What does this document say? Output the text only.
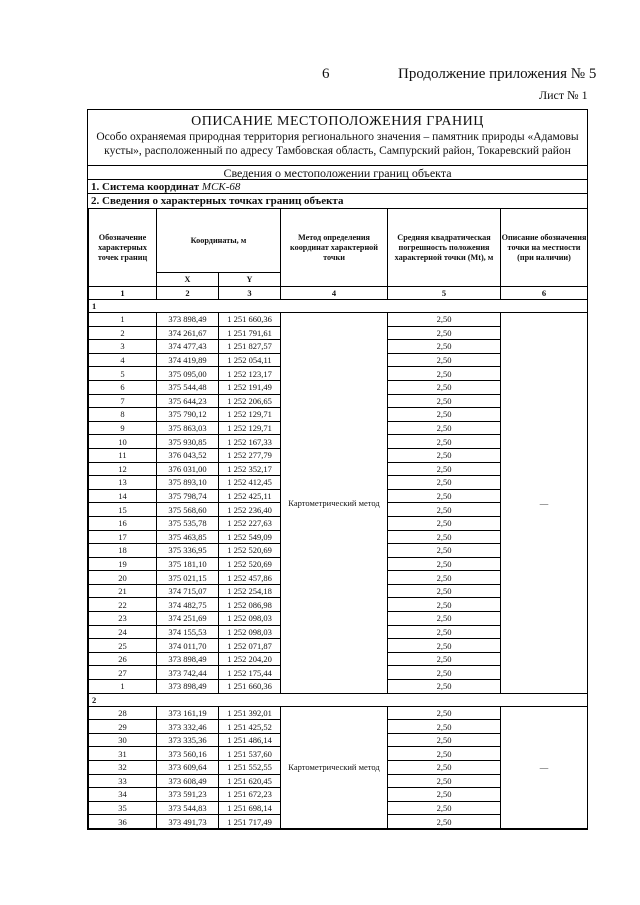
6	Продолжение приложения № 5
Лист № 1
ОПИСАНИЕ МЕСТОПОЛОЖЕНИЯ ГРАНИЦ
Особо охраняемая природная территория регионального значения – памятник природы «Адамовы кусты», расположенный по адресу Тамбовская область, Сампурский район, Токаревский район
Сведения о местоположении границ объекта
1. Система координат МСК-68
2. Сведения о характерных точках границ объекта
Обозначение характерных точек границ	Координаты, м		Метод определения координат характерной точки	Средняя квадратическая погрешность положения характерной точки (Mt), м	Описание обозначения точки на местности (при наличии)
	X	Y			
1	2	3	4	5	6
1					
1	373 898,49	1 251 660,36	Картометрический метод	2,50	—
2	374 261,67	1 251 791,61		2,50	
3	374 477,43	1 251 827,57		2,50	
4	374 419,89	1 252 054,11		2,50	
5	375 095,00	1 252 123,17		2,50	
6	375 544,48	1 252 191,49		2,50	
7	375 644,23	1 252 206,65		2,50	
8	375 790,12	1 252 129,71		2,50	
9	375 863,03	1 252 129,71		2,50	
10	375 930,85	1 252 167,33		2,50	
11	376 043,52	1 252 277,79		2,50	
12	376 031,00	1 252 352,17		2,50	
13	375 893,10	1 252 412,45		2,50	
14	375 798,74	1 252 425,11		2,50	
15	375 568,60	1 252 236,40		2,50	
16	375 535,78	1 252 227,63		2,50	
17	375 463,85	1 252 549,09		2,50	
18	375 336,95	1 252 520,69		2,50	
19	375 181,10	1 252 520,69		2,50	
20	375 021,15	1 252 457,86		2,50	
21	374 715,07	1 252 254,18		2,50	
22	374 482,75	1 252 086,98		2,50	
23	374 251,69	1 252 098,03		2,50	
24	374 155,53	1 252 098,03		2,50	
25	374 011,70	1 252 071,87		2,50	
26	373 898,49	1 252 204,20		2,50	
27	373 742,44	1 252 175,44		2,50	
1	373 898,49	1 251 660,36		2,50	
2					
28	373 161,19	1 251 392,01	Картометрический метод	2,50	—
29	373 332,46	1 251 425,52		2,50	
30	373 335,36	1 251 486,14		2,50	
31	373 560,16	1 251 537,60		2,50	
32	373 609,64	1 251 552,55		2,50	
33	373 608,49	1 251 620,45		2,50	
34	373 591,23	1 251 672,23		2,50	
35	373 544,83	1 251 698,14		2,50	
36	373 491,73	1 251 717,49		2,50	
